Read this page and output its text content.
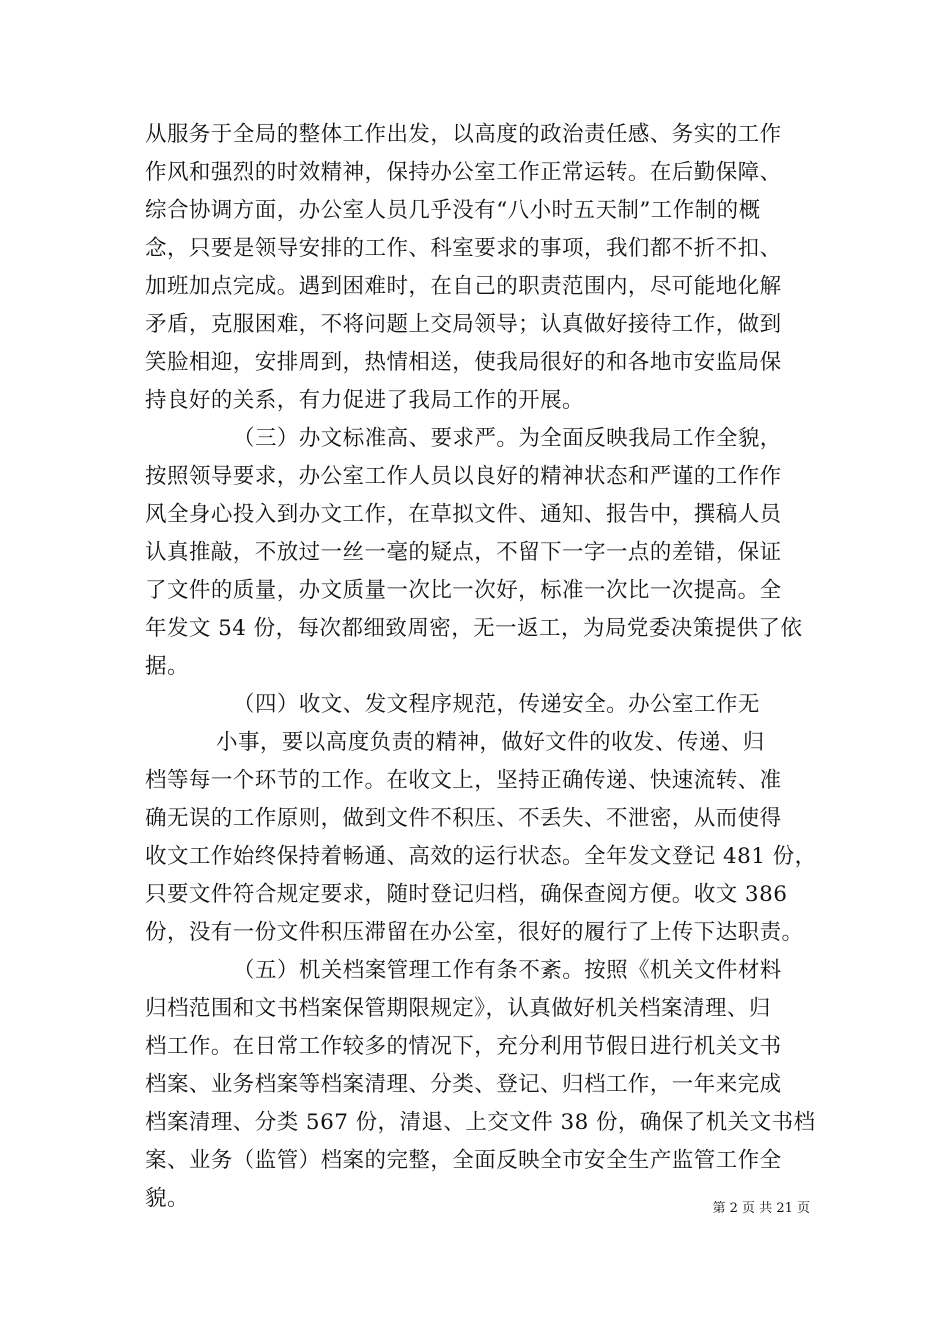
从服务于全局的整体工作出发，以高度的政治责任感、务实的工作
作风和强烈的时效精神，保持办公室工作正常运转。在后勤保障、
综合协调方面，办公室人员几乎没有“八小时五天制”工作制的概
念，只要是领导安排的工作、科室要求的事项，我们都不折不扣、
加班加点完成。遇到困难时，在自己的职责范围内，尽可能地化解
矛盾，克服困难，不将问题上交局领导；认真做好接待工作，做到
笑脸相迎，安排周到，热情相送，使我局很好的和各地市安监局保
持良好的关系，有力促进了我局工作的开展。
（三）办文标准高、要求严。为全面反映我局工作全貌，
按照领导要求，办公室工作人员以良好的精神状态和严谨的工作作
风全身心投入到办文工作，在草拟文件、通知、报告中，撰稿人员
认真推敲，不放过一丝一毫的疑点，不留下一字一点的差错，保证
了文件的质量，办文质量一次比一次好，标准一次比一次提高。全
年发文 54 份，每次都细致周密，无一返工，为局党委决策提供了依
据。
（四）收文、发文程序规范，传递安全。办公室工作无
小事，要以高度负责的精神，做好文件的收发、传递、归
档等每一个环节的工作。在收文上，坚持正确传递、快速流转、准
确无误的工作原则，做到文件不积压、不丢失、不泄密，从而使得
收文工作始终保持着畅通、高效的运行状态。全年发文登记 481 份，
只要文件符合规定要求，随时登记归档，确保查阅方便。收文 386
份，没有一份文件积压滞留在办公室，很好的履行了上传下达职责。
（五）机关档案管理工作有条不紊。按照《机关文件材料
归档范围和文书档案保管期限规定》，认真做好机关档案清理、归
档工作。在日常工作较多的情况下，充分利用节假日进行机关文书
档案、业务档案等档案清理、分类、登记、归档工作，一年来完成
档案清理、分类 567 份，清退、上交文件 38 份，确保了机关文书档
案、业务（监管）档案的完整，全面反映全市安全生产监管工作全
貌。	第 2 页 共 21 页
